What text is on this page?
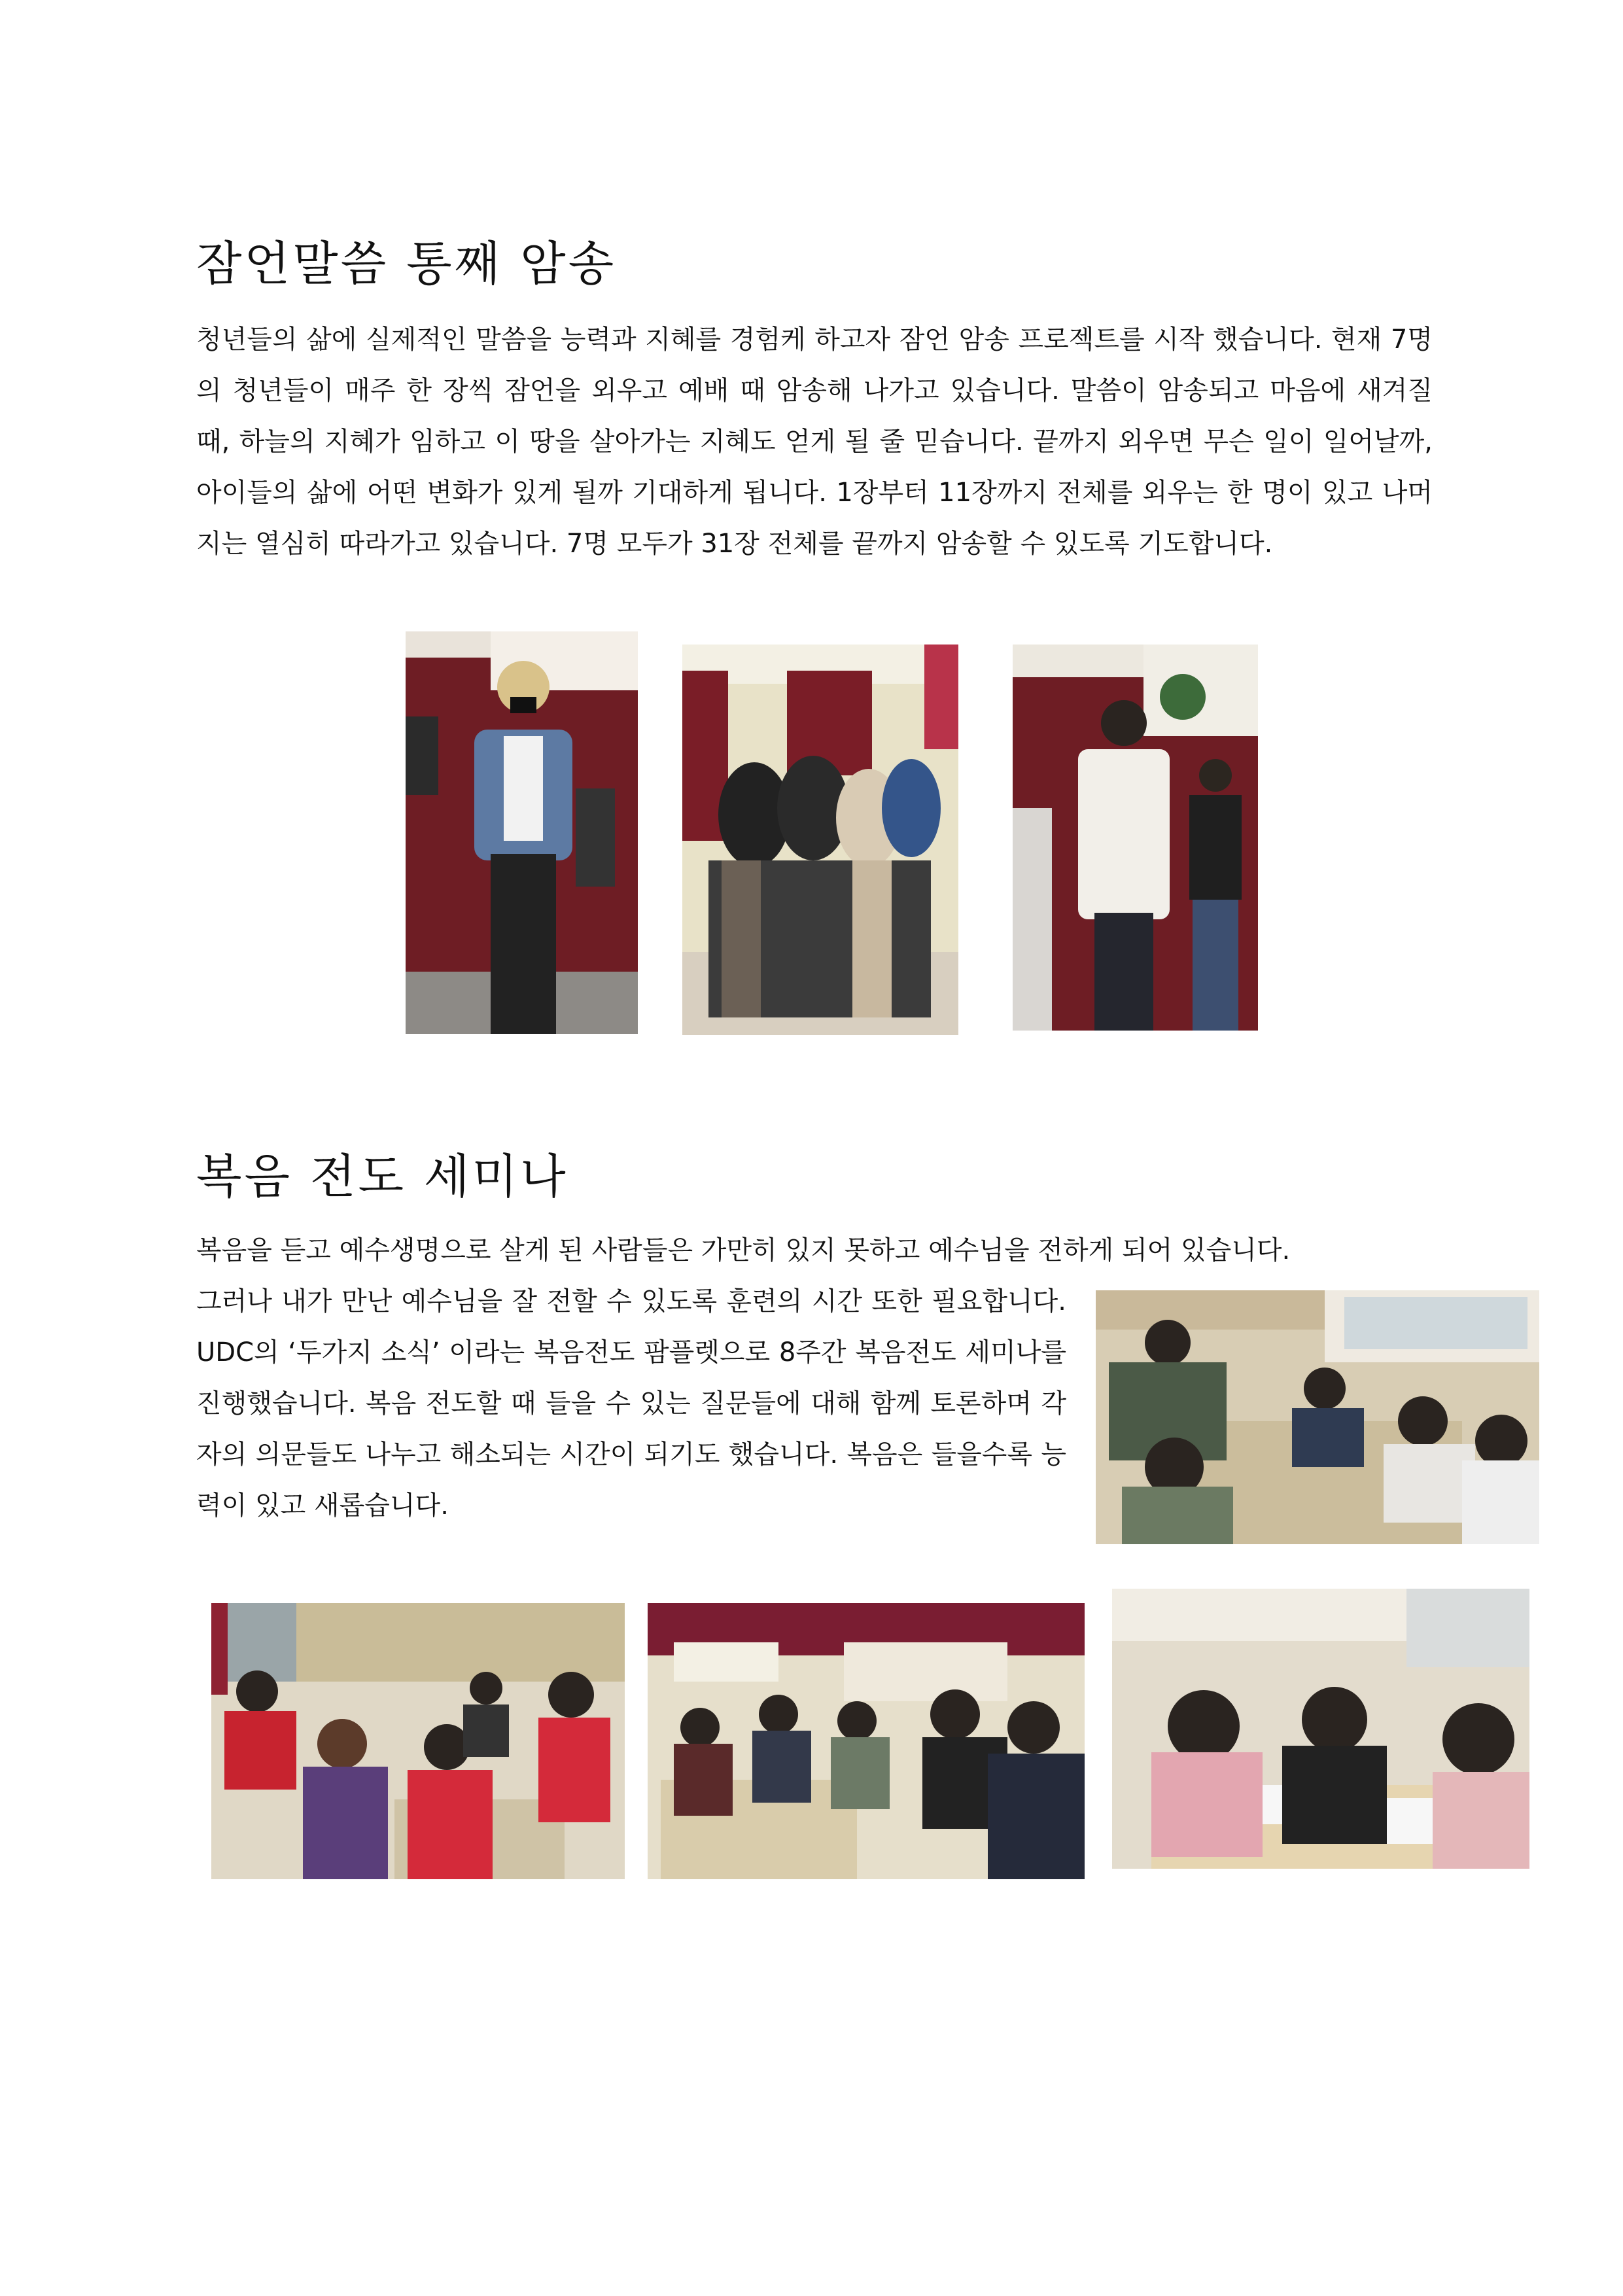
잠언말씀 통째 암송

청년들의 삶에 실제적인 말씀을 능력과 지혜를 경험케 하고자 잠언 암송 프로젝트를 시작 했습니다. 현재 7명의 청년들이 매주 한 장씩 잠언을 외우고 예배 때 암송해 나가고 있습니다. 말씀이 암송되고 마음에 새겨질 때, 하늘의 지혜가 임하고 이 땅을 살아가는 지혜도 얻게 될 줄 믿습니다. 끝까지 외우면 무슨 일이 일어날까, 아이들의 삶에 어떤 변화가 있게 될까 기대하게 됩니다. 1장부터 11장까지 전체를 외우는 한 명이 있고 나머지는 열심히 따라가고 있습니다. 7명 모두가 31장 전체를 끝까지 암송할 수 있도록 기도합니다.

복음 전도 세미나

복음을 듣고 예수생명으로 살게 된 사람들은 가만히 있지 못하고 예수님을 전하게 되어 있습니다.

그러나 내가 만난 예수님을 잘 전할 수 있도록 훈련의 시간 또한 필요합니다. UDC의 ‘두가지 소식’ 이라는 복음전도 팜플렛으로 8주간 복음전도 세미나를 진행했습니다. 복음 전도할 때 들을 수 있는 질문들에 대해 함께 토론하며 각자의 의문들도 나누고 해소되는 시간이 되기도 했습니다. 복음은 들을수록 능력이 있고 새롭습니다.
